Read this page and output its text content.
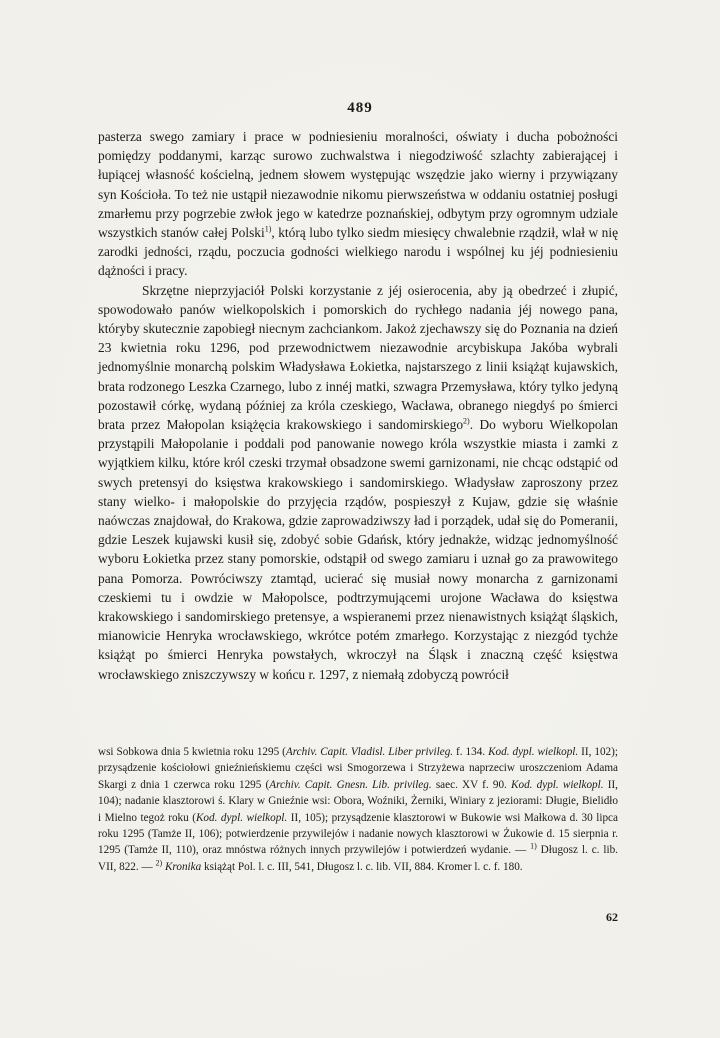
489

pasterza swego zamiary i prace w podniesieniu moralności, oświaty i ducha pobożności pomiędzy poddanymi, karząc surowo zuchwalstwa i niegodziwość szlachty zabierającej i łupiącej własność kościelną, jednem słowem występując wszędzie jako wierny i przywiązany syn Kościoła. To też nie ustąpił niezawodnie nikomu pierwszeństwa w oddaniu ostatniej posługi zmarłemu przy pogrzebie zwłok jego w katedrze poznańskiej, odbytym przy ogromnym udziale wszystkich stanów całej Polski$^{1)}$, którą lubo tylko siedm miesięcy chwalebnie rządził, wlał w nię zarodki jedności, rządu, poczucia godności wielkiego narodu i wspólnej ku jéj podniesieniu dążności i pracy.

Skrzętne nieprzyjaciół Polski korzystanie z jéj osierocenia, aby ją obedrzeć i złupić, spowodowało panów wielkopolskich i pomorskich do rychłego nadania jéj nowego pana, któryby skutecznie zapobiegł niecnym zachciankom. Jakoż zjechawszy się do Poznania na dzień 23 kwietnia roku 1296, pod przewodnictwem niezawodnie arcybiskupa Jakóba wybrali jednomyślnie monarchą polskim Władysława Łokietka, najstarszego z linii książąt kujawskich, brata rodzonego Leszka Czarnego, lubo z innéj matki, szwagra Przemysława, który tylko jedyną pozostawił córkę, wydaną później za króla czeskiego, Wacława, obranego niegdyś po śmierci brata przez Małopolan książęcia krakowskiego i sandomirskiego$^{2)}$. Do wyboru Wielkopolan przystąpili Małopolanie i poddali pod panowanie nowego króla wszystkie miasta i zamki z wyjątkiem kilku, które król czeski trzymał obsadzone swemi garnizonami, nie chcąc odstąpić od swych pretensyi do księstwa krakowskiego i sandomirskiego. Władysław zaproszony przez stany wielko- i małopolskie do przyjęcia rządów, pospieszył z Kujaw, gdzie się właśnie naówczas znajdował, do Krakowa, gdzie zaprowadziwszy ład i porządek, udał się do Pomeranii, gdzie Leszek kujawski kusił się, zdobyć sobie Gdańsk, który jednakże, widząc jednomyślność wyboru Łokietka przez stany pomorskie, odstąpił od swego zamiaru i uznał go za prawowitego pana Pomorza. Powróciwszy ztamtąd, ucierać się musiał nowy monarcha z garnizonami czeskiemi tu i owdzie w Małopolsce, podtrzymującemi urojone Wacława do księstwa krakowskiego i sandomirskiego pretensye, a wspieranemi przez nienawistnych książąt śląskich, mianowicie Henryka wrocławskiego, wkrótce potém zmarłego. Korzystając z niezgód tychże książąt po śmierci Henryka powstałych, wkroczył na Śląsk i znaczną część księstwa wrocławskiego zniszczywszy w końcu r. 1297, z niemałą zdobyczą powrócił

wsi Sobkowa dnia 5 kwietnia roku 1295 (Archiv. Capit. Vladisl. Liber privileg. f. 134. Kod. dypl. wielkopl. II, 102); przysądzenie kościołowi gnieźnieńskiemu części wsi Smogorzewa i Strzyżewa naprzeciw uroszczeniom Adama Skargi z dnia 1 czerwca roku 1295 (Archiv. Capit. Gnesn. Lib. privileg. saec. XV f. 90. Kod. dypl. wielkopl. II, 104); nadanie klasztorowi ś. Klary w Gnieźnie wsi: Obora, Woźniki, Żerniki, Winiary z jeziorami: Długie, Bielidło i Mielno tegoż roku (Kod. dypl. wielkopl. II, 105); przysądzenie klasztorowi w Bukowie wsi Małkowa d. 30 lipca roku 1295 (Tamże II, 106); potwierdzenie przywilejów i nadanie nowych klasztorowi w Żukowie d. 15 sierpnia r. 1295 (Tamże II, 110), oraz mnóstwa różnych innych przywilejów i potwierdzeń wydanie. — $^{1)}$ Długosz l. c. lib. VII, 822. — $^{2)}$ Kronika książąt Pol. l. c. III, 541, Długosz l. c. lib. VII, 884. Kromer l. c. f. 180.

62
